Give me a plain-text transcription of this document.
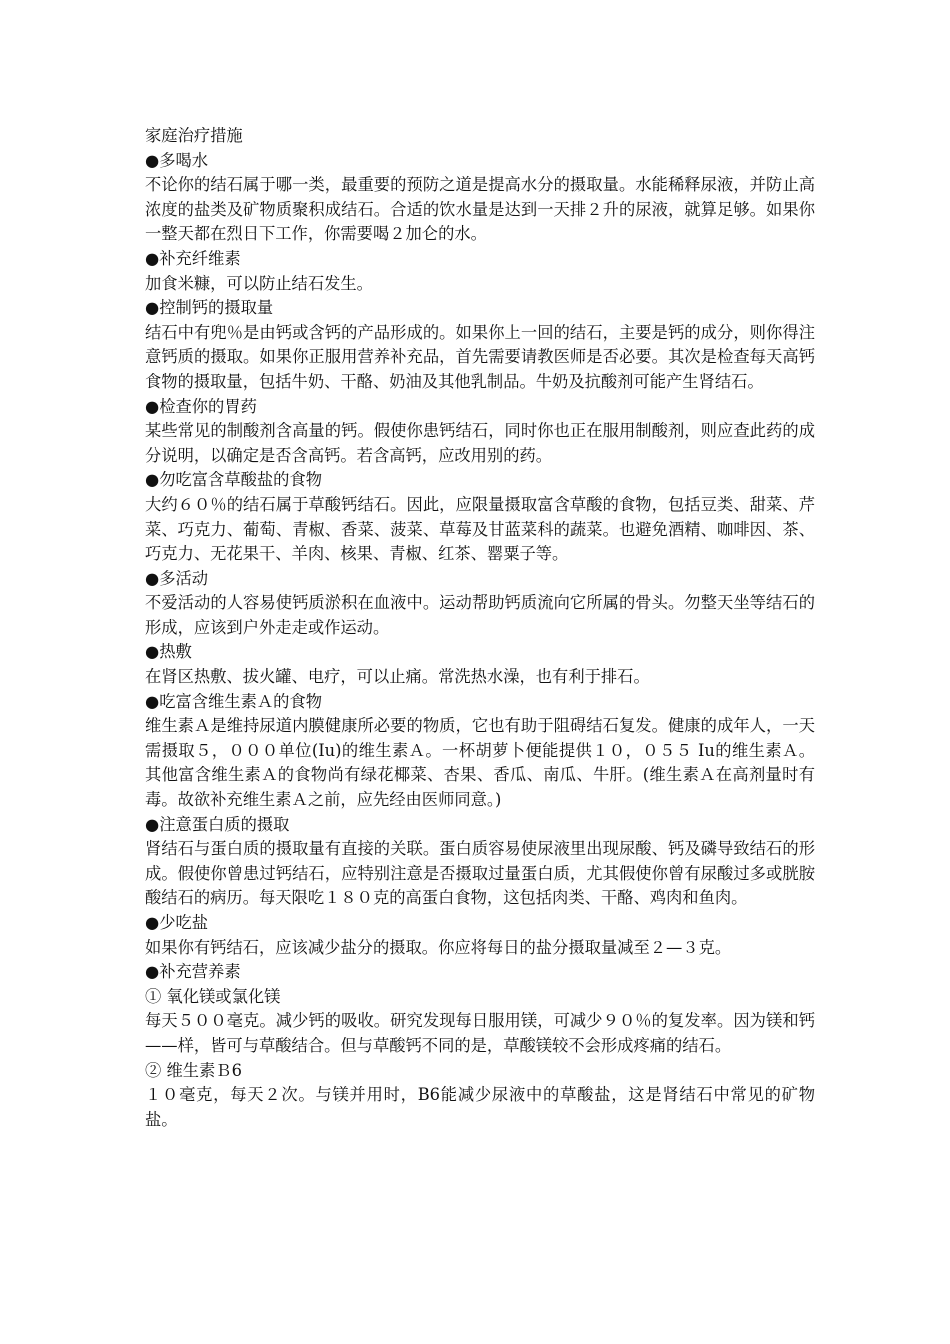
家庭治疗措施
●多喝水
不论你的结石属于哪一类，最重要的预防之道是提高水分的摄取量。水能稀释尿液，并防止高浓度的盐类及矿物质聚积成结石。合适的饮水量是达到一天排２升的尿液，就算足够。如果你一整天都在烈日下工作，你需要喝２加仑的水。
●补充纤维素
加食米糠，可以防止结石发生。
●控制钙的摄取量
结石中有兜％是由钙或含钙的产品形成的。如果你上一回的结石，主要是钙的成分，则你得注意钙质的摄取。如果你正服用营养补充品，首先需要请教医师是否必要。其次是检查每天高钙食物的摄取量，包括牛奶、干酪、奶油及其他乳制品。牛奶及抗酸剂可能产生肾结石。
●检查你的胃药
某些常见的制酸剂含高量的钙。假使你患钙结石，同时你也正在服用制酸剂，则应查此药的成分说明，以确定是否含高钙。若含高钙，应改用别的药。
●勿吃富含草酸盐的食物
大约６０％的结石属于草酸钙结石。因此，应限量摄取富含草酸的食物，包括豆类、甜菜、芹菜、巧克力、葡萄、青椒、香菜、菠菜、草莓及甘蓝菜科的蔬菜。也避免酒精、咖啡因、茶、巧克力、无花果干、羊肉、核果、青椒、红茶、罂粟子等。
●多活动
不爱活动的人容易使钙质淤积在血液中。运动帮助钙质流向它所属的骨头。勿整天坐等结石的形成，应该到户外走走或作运动。
●热敷
在肾区热敷、拔火罐、电疗，可以止痛。常洗热水澡，也有利于排石。
●吃富含维生素Ａ的食物
维生素Ａ是维持尿道内膜健康所必要的物质，它也有助于阻碍结石复发。健康的成年人，一天需摄取５，０００单位(Iu)的维生素Ａ。一杯胡萝卜便能提供１０，０５５ Iu的维生素Ａ。其他富含维生素Ａ的食物尚有绿花椰菜、杏果、香瓜、南瓜、牛肝。(维生素Ａ在高剂量时有毒。故欲补充维生素Ａ之前，应先经由医师同意。)
●注意蛋白质的摄取
肾结石与蛋白质的摄取量有直接的关联。蛋白质容易使尿液里出现尿酸、钙及磷导致结石的形成。假使你曾患过钙结石，应特别注意是否摄取过量蛋白质，尤其假使你曾有尿酸过多或胱胺酸结石的病历。每天限吃１８０克的高蛋白食物，这包括肉类、干酪、鸡肉和鱼肉。
●少吃盐
如果你有钙结石，应该减少盐分的摄取。你应将每日的盐分摄取量减至２—３克。
●补充营养素
① 氧化镁或氯化镁
每天５００毫克。减少钙的吸收。研究发现每日服用镁，可减少９０％的复发率。因为镁和钙——样，皆可与草酸结合。但与草酸钙不同的是，草酸镁较不会形成疼痛的结石。
② 维生素Ｂ6
１０毫克，每天２次。与镁并用时，B6能减少尿液中的草酸盐，这是肾结石中常见的矿物盐。
